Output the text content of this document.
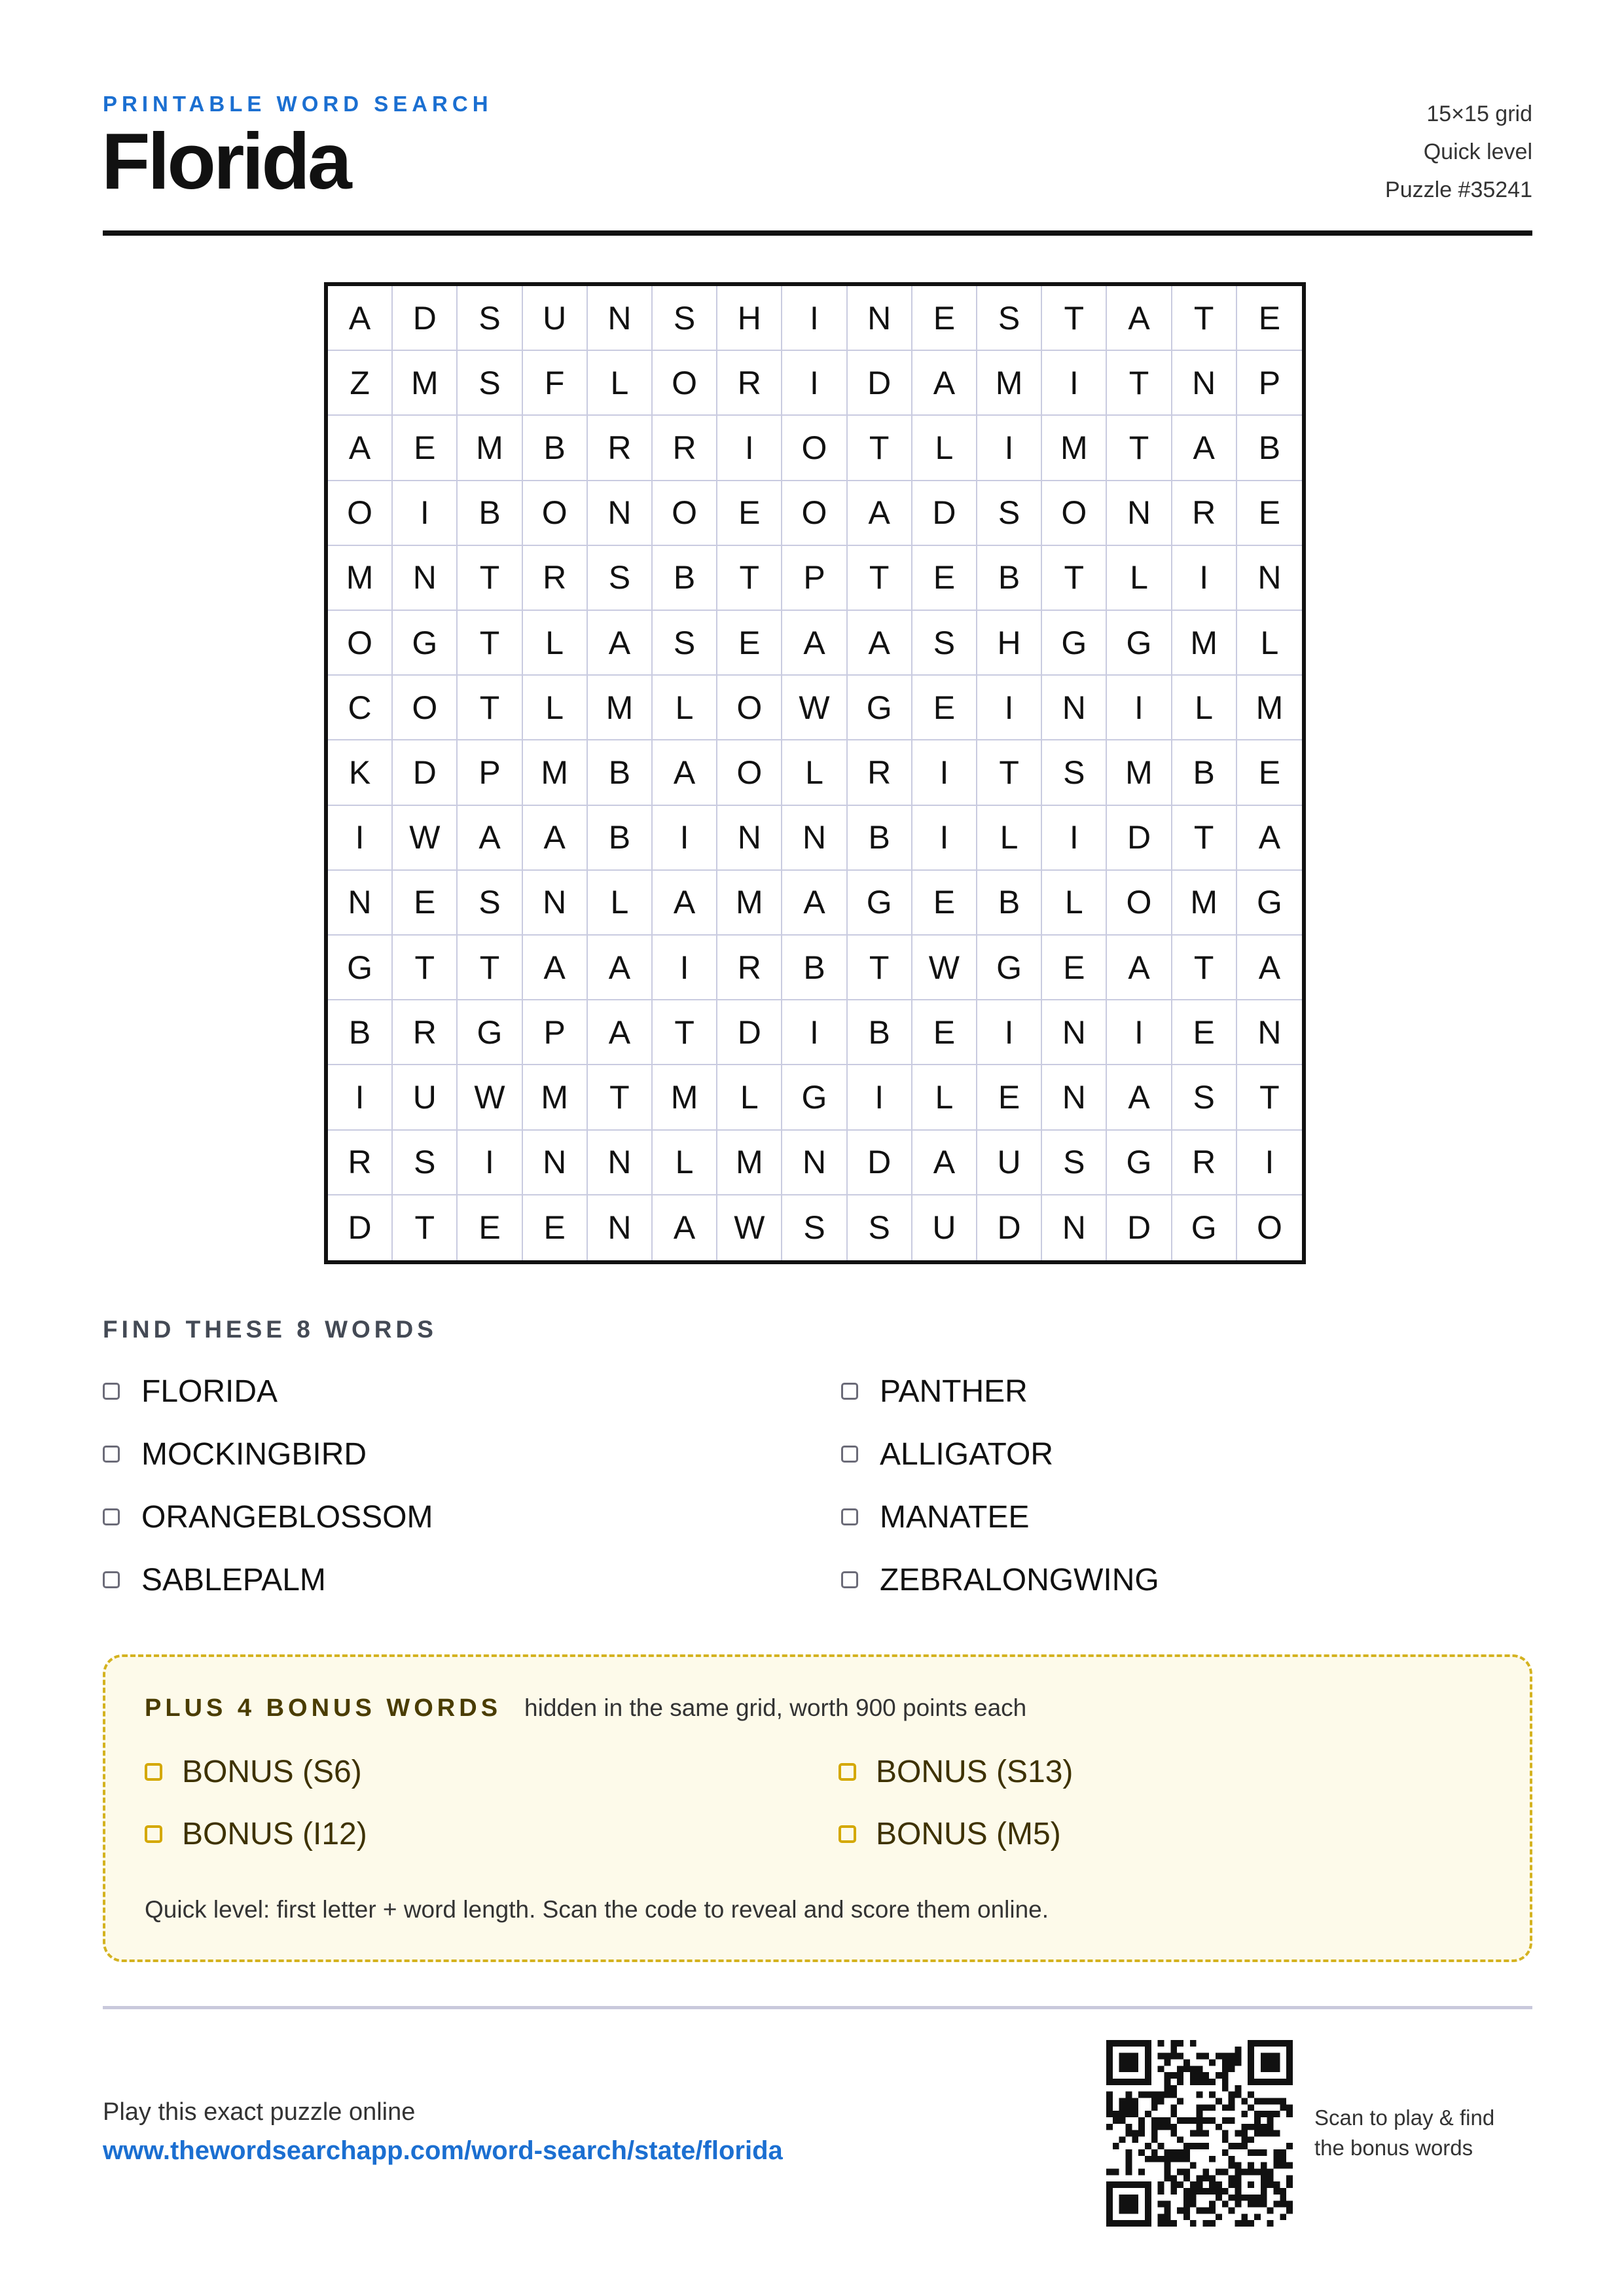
PRINTABLE WORD SEARCH
Florida
15×15 grid
Quick level
Puzzle #35241
A	D	S	U	N	S	H	I	N	E	S	T	A	T	E
Z	M	S	F	L	O	R	I	D	A	M	I	T	N	P
A	E	M	B	R	R	I	O	T	L	I	M	T	A	B
O	I	B	O	N	O	E	O	A	D	S	O	N	R	E
M	N	T	R	S	B	T	P	T	E	B	T	L	I	N
O	G	T	L	A	S	E	A	A	S	H	G	G	M	L
C	O	T	L	M	L	O	W	G	E	I	N	I	L	M
K	D	P	M	B	A	O	L	R	I	T	S	M	B	E
I	W	A	A	B	I	N	N	B	I	L	I	D	T	A
N	E	S	N	L	A	M	A	G	E	B	L	O	M	G
G	T	T	A	A	I	R	B	T	W	G	E	A	T	A
B	R	G	P	A	T	D	I	B	E	I	N	I	E	N
I	U	W	M	T	M	L	G	I	L	E	N	A	S	T
R	S	I	N	N	L	M	N	D	A	U	S	G	R	I
D	T	E	E	N	A	W	S	S	U	D	N	D	G	O
FIND THESE 8 WORDS
FLORIDA	PANTHER
MOCKINGBIRD	ALLIGATOR
ORANGEBLOSSOM	MANATEE
SABLEPALM	ZEBRALONGWING
PLUS 4 BONUS WORDS hidden in the same grid, worth 900 points each
BONUS (S6)	BONUS (S13)
BONUS (I12)	BONUS (M5)
Quick level: first letter + word length. Scan the code to reveal and score them online.
Play this exact puzzle online
www.thewordsearchapp.com/word-search/state/florida
Scan to play & find
the bonus words
